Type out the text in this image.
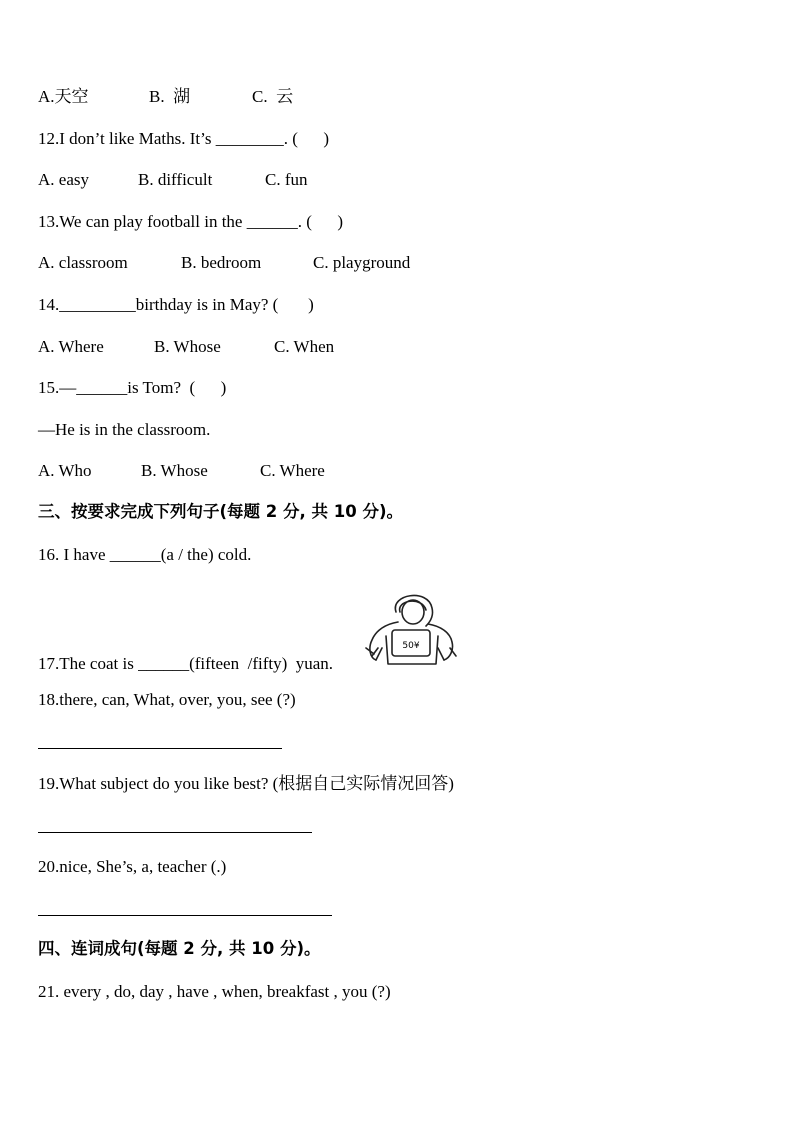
A.天空	B.  湖	C.  云
12.I don’t like Maths. It’s ________. (      )
A. easy	B. difficult	C. fun
13.We can play football in the ______. (      )
A. classroom	B. bedroom	C. playground
14._________birthday is in May? (       )
A. Where	B. Whose	C. When
15.—______is Tom?  (      )
—He is in the classroom.
A. Who	B. Whose	C. Where
三、按要求完成下列句子(每题 2 分, 共 10 分)。
16. I have ______(a / the) cold.
50¥
17.The coat is ______(fifteen  /fifty)  yuan.
18.there, can, What, over, you, see (?)
19.What subject do you like best? (根据自己实际情况回答)
20.nice, She’s, a, teacher (.)
四、连词成句(每题 2 分, 共 10 分)。
21. every , do, day , have , when, breakfast , you (?)
